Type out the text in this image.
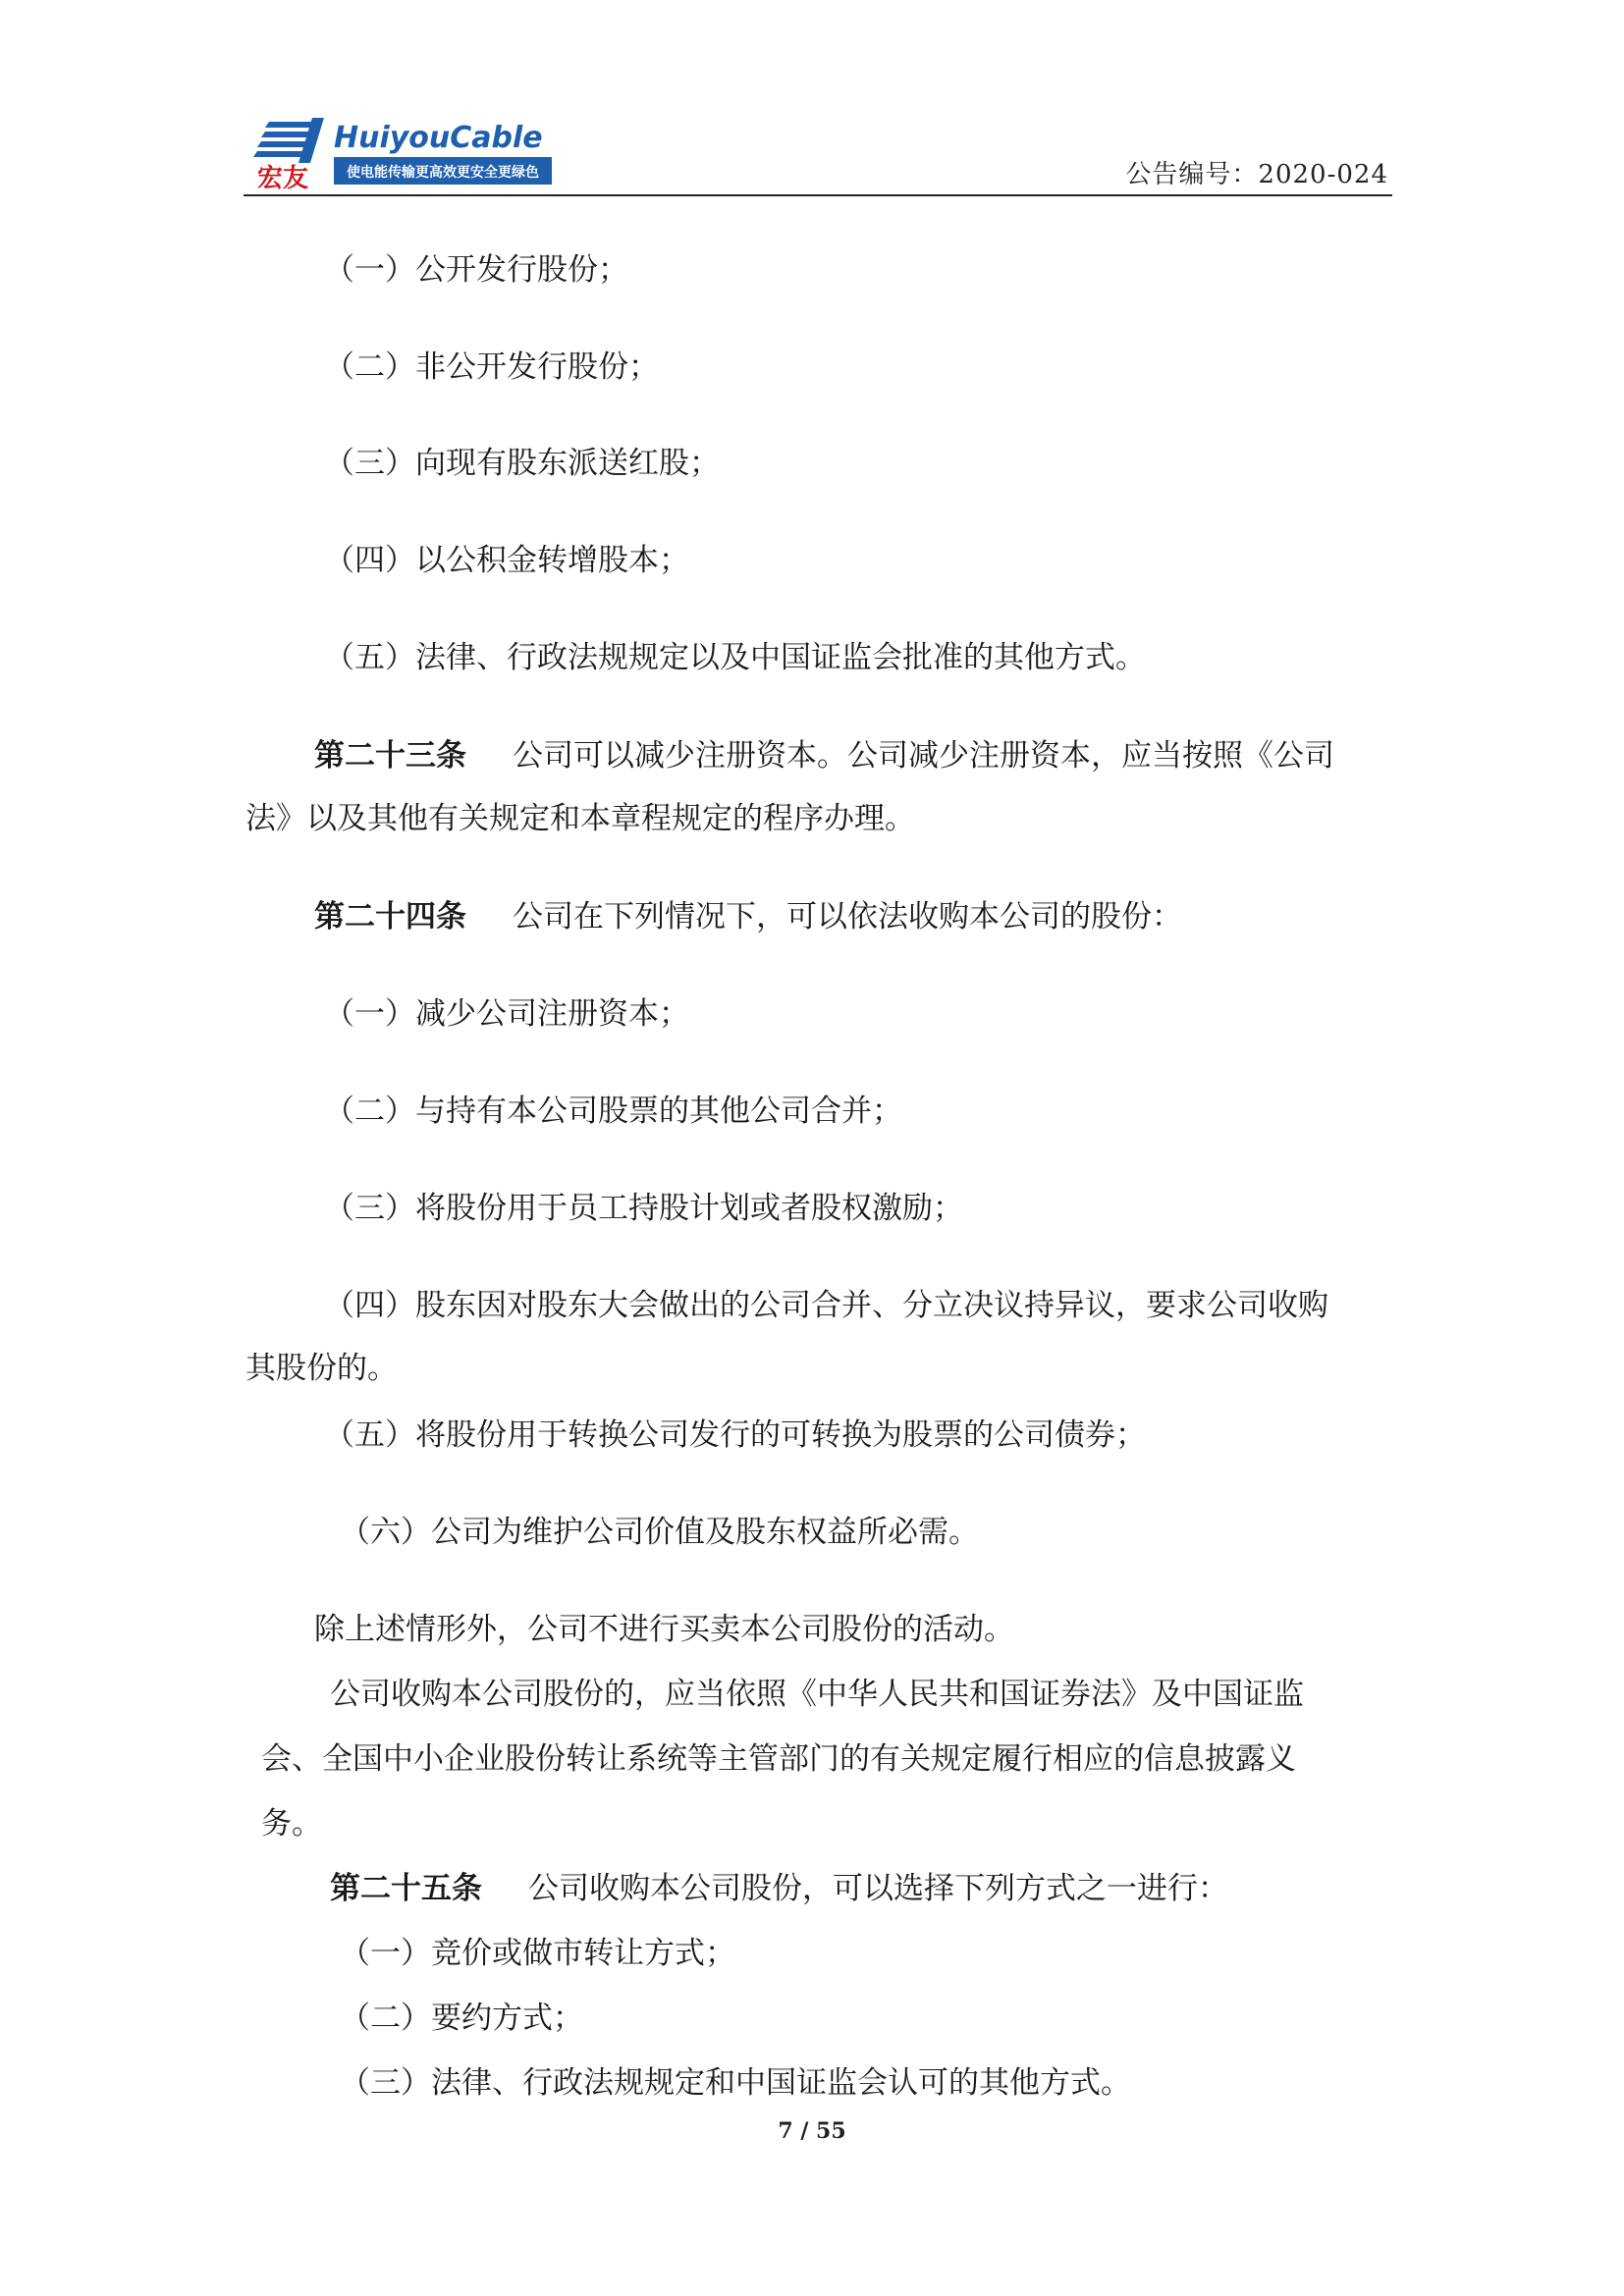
宏友
HuiyouCable
使电能传输更高效更安全更绿色	公告编号：2020-024
（一）公开发行股份；
（二）非公开发行股份；
（三）向现有股东派送红股；
（四）以公积金转增股本；
（五）法律、行政法规规定以及中国证监会批准的其他方式。
第二十三条 公司可以减少注册资本。公司减少注册资本，应当按照《公司
法》以及其他有关规定和本章程规定的程序办理。
第二十四条 公司在下列情况下，可以依法收购本公司的股份：
（一）减少公司注册资本；
（二）与持有本公司股票的其他公司合并；
（三）将股份用于员工持股计划或者股权激励；
（四）股东因对股东大会做出的公司合并、分立决议持异议，要求公司收购
其股份的。
（五）将股份用于转换公司发行的可转换为股票的公司债券；
（六）公司为维护公司价值及股东权益所必需。
除上述情形外，公司不进行买卖本公司股份的活动。
公司收购本公司股份的，应当依照《中华人民共和国证券法》及中国证监
会、全国中小企业股份转让系统等主管部门的有关规定履行相应的信息披露义
务。
第二十五条 公司收购本公司股份，可以选择下列方式之一进行：
（一）竞价或做市转让方式；
（二）要约方式；
（三）法律、行政法规规定和中国证监会认可的其他方式。
7 / 55
